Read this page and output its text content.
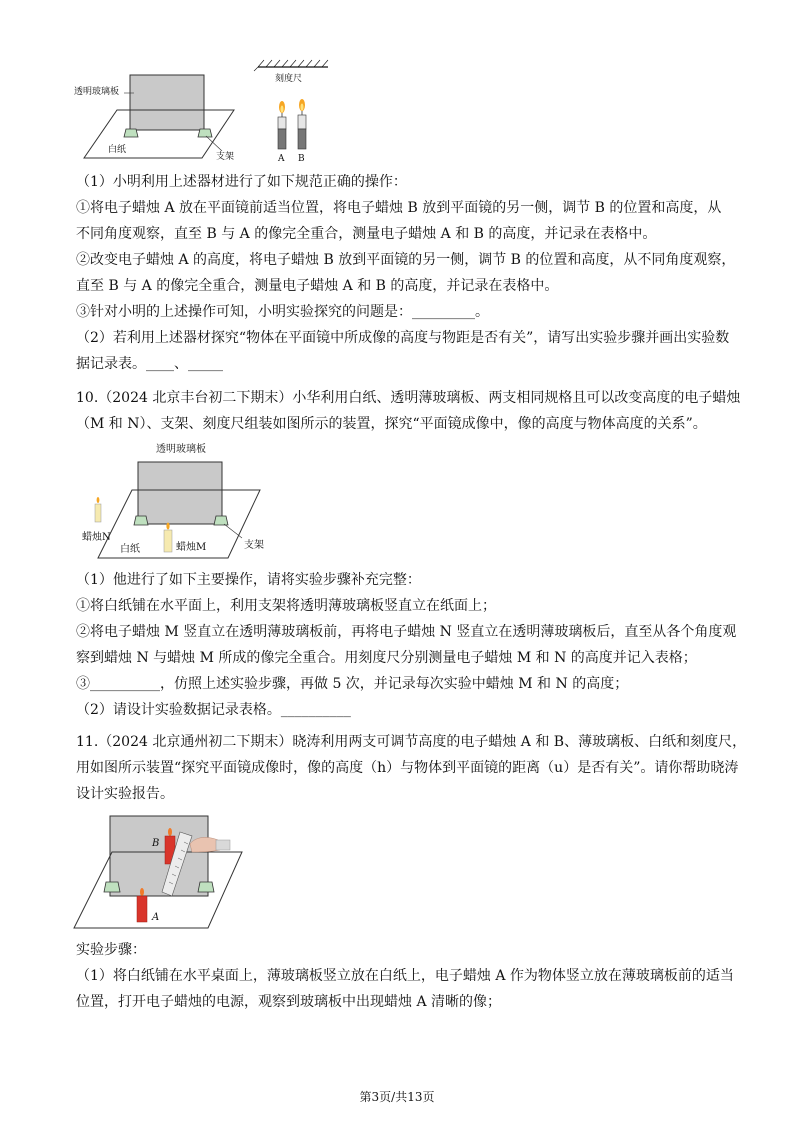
透明玻璃板
白纸
支架
刻度尺
A B
（1）小明利用上述器材进行了如下规范正确的操作：
①将电子蜡烛 A 放在平面镜前适当位置，将电子蜡烛 B 放到平面镜的另一侧，调节 B 的位置和高度，从
不同角度观察，直至 B 与 A 的像完全重合，测量电子蜡烛 A 和 B 的高度，并记录在表格中。
②改变电子蜡烛 A 的高度，将电子蜡烛 B 放到平面镜的另一侧，调节 B 的位置和高度，从不同角度观察，
直至 B 与 A 的像完全重合，测量电子蜡烛 A 和 B 的高度，并记录在表格中。
③针对小明的上述操作可知，小明实验探究的问题是：_________。
（2）若利用上述器材探究“物体在平面镜中所成像的高度与物距是否有关”，请写出实验步骤并画出实验数
据记录表。____、_____
10.（2024 北京丰台初二下期末）小华利用白纸、透明薄玻璃板、两支相同规格且可以改变高度的电子蜡烛
（M 和 N）、支架、刻度尺组装如图所示的装置，探究“平面镜成像中，像的高度与物体高度的关系”。
透明玻璃板
蜡烛N
白纸	蜡烛M	支架
（1）他进行了如下主要操作，请将实验步骤补充完整：
①将白纸铺在水平面上，利用支架将透明薄玻璃板竖直立在纸面上；
②将电子蜡烛 M 竖直立在透明薄玻璃板前，再将电子蜡烛 N 竖直立在透明薄玻璃板后，直至从各个角度观
察到蜡烛 N 与蜡烛 M 所成的像完全重合。用刻度尺分别测量电子蜡烛 M 和 N 的高度并记入表格；
③__________，仿照上述实验步骤，再做 5 次，并记录每次实验中蜡烛 M 和 N 的高度；
（2）请设计实验数据记录表格。__________
11.（2024 北京通州初二下期末）晓涛利用两支可调节高度的电子蜡烛 A 和 B、薄玻璃板、白纸和刻度尺，
用如图所示装置“探究平面镜成像时，像的高度（h）与物体到平面镜的距离（u）是否有关”。请你帮助晓涛
设计实验报告。
B
A
实验步骤：
（1）将白纸铺在水平桌面上，薄玻璃板竖立放在白纸上，电子蜡烛 A 作为物体竖立放在薄玻璃板前的适当
位置，打开电子蜡烛的电源，观察到玻璃板中出现蜡烛 A 清晰的像；
第3页/共13页
